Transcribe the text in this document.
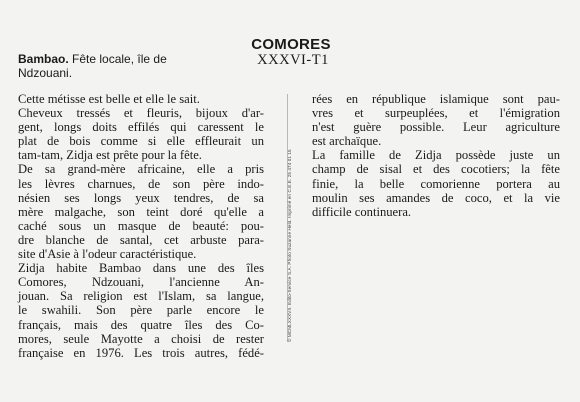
COMORES
XXXVI-T1
Bambao. Fête locale, île de
Ndzouani.

Cette métisse est belle et elle le sait.

Cheveux tressés et fleuris, bijoux d'ar-

gent, longs doits effilés qui caressent le

plat de bois comme si elle effleurait un

tam-tam, Zidja est prête pour la fête.

De sa grand-mère africaine, elle a pris

les lèvres charnues, de son père indo-

nésien ses longs yeux tendres, de sa

mère malgache, son teint doré qu'elle a

caché sous un masque de beauté: pou-

dre blanche de santal, cet arbuste para-

site d'Asie à l'odeur caractéristique.

Zidja habite Bambao dans une des îles

Comores, Ndzouani, l'ancienne An-

jouan. Sa religion est l'Islam, sa langue,

le swahili. Son père parle encore le

français, mais des quatre îles des Co-

mores, seule Mayotte a choisi de rester

française en 1976. Les trois autres, fédé-

© MCMLXXXVII. Edito-Service S.A. Photo Suzanne Held. Imprimé en C.E.E. 25 474 01 15

rées en république islamique sont pau-

vres et surpeuplées, et l'émigration

n'est guère possible. Leur agriculture

est archaïque.

La famille de Zidja possède juste un

champ de sisal et des cocotiers; la fête

finie, la belle comorienne portera au

moulin ses amandes de coco, et la vie

difficile continuera.
